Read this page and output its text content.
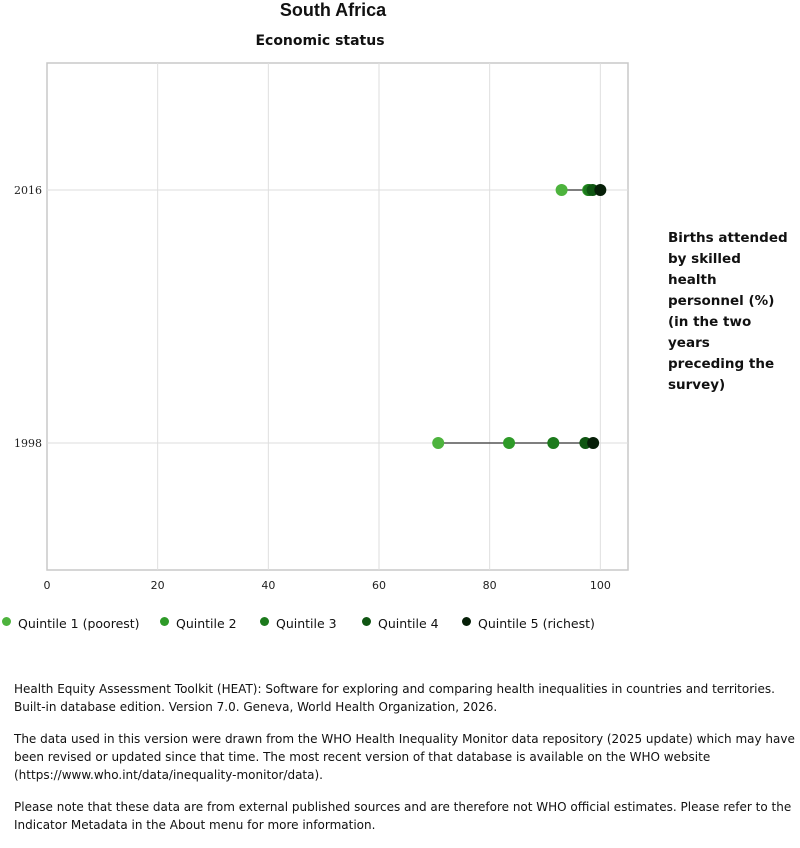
South Africa
Economic status
0	20	40	60	80	100
2016
1998
Births attended by skilled health personnel (%) (in the two years preceding the survey)
Quintile 1 (poorest)	Quintile 2	Quintile 3	Quintile 4	Quintile 5 (richest)

Health Equity Assessment Toolkit (HEAT): Software for exploring and comparing health inequalities in countries and territories. Built-in database edition. Version 7.0. Geneva, World Health Organization, 2026.

The data used in this version were drawn from the WHO Health Inequality Monitor data repository (2025 update) which may have been revised or updated since that time. The most recent version of that database is available on the WHO website (https://www.who.int/data/inequality-monitor/data).

Please note that these data are from external published sources and are therefore not WHO official estimates. Please refer to the Indicator Metadata in the About menu for more information.
